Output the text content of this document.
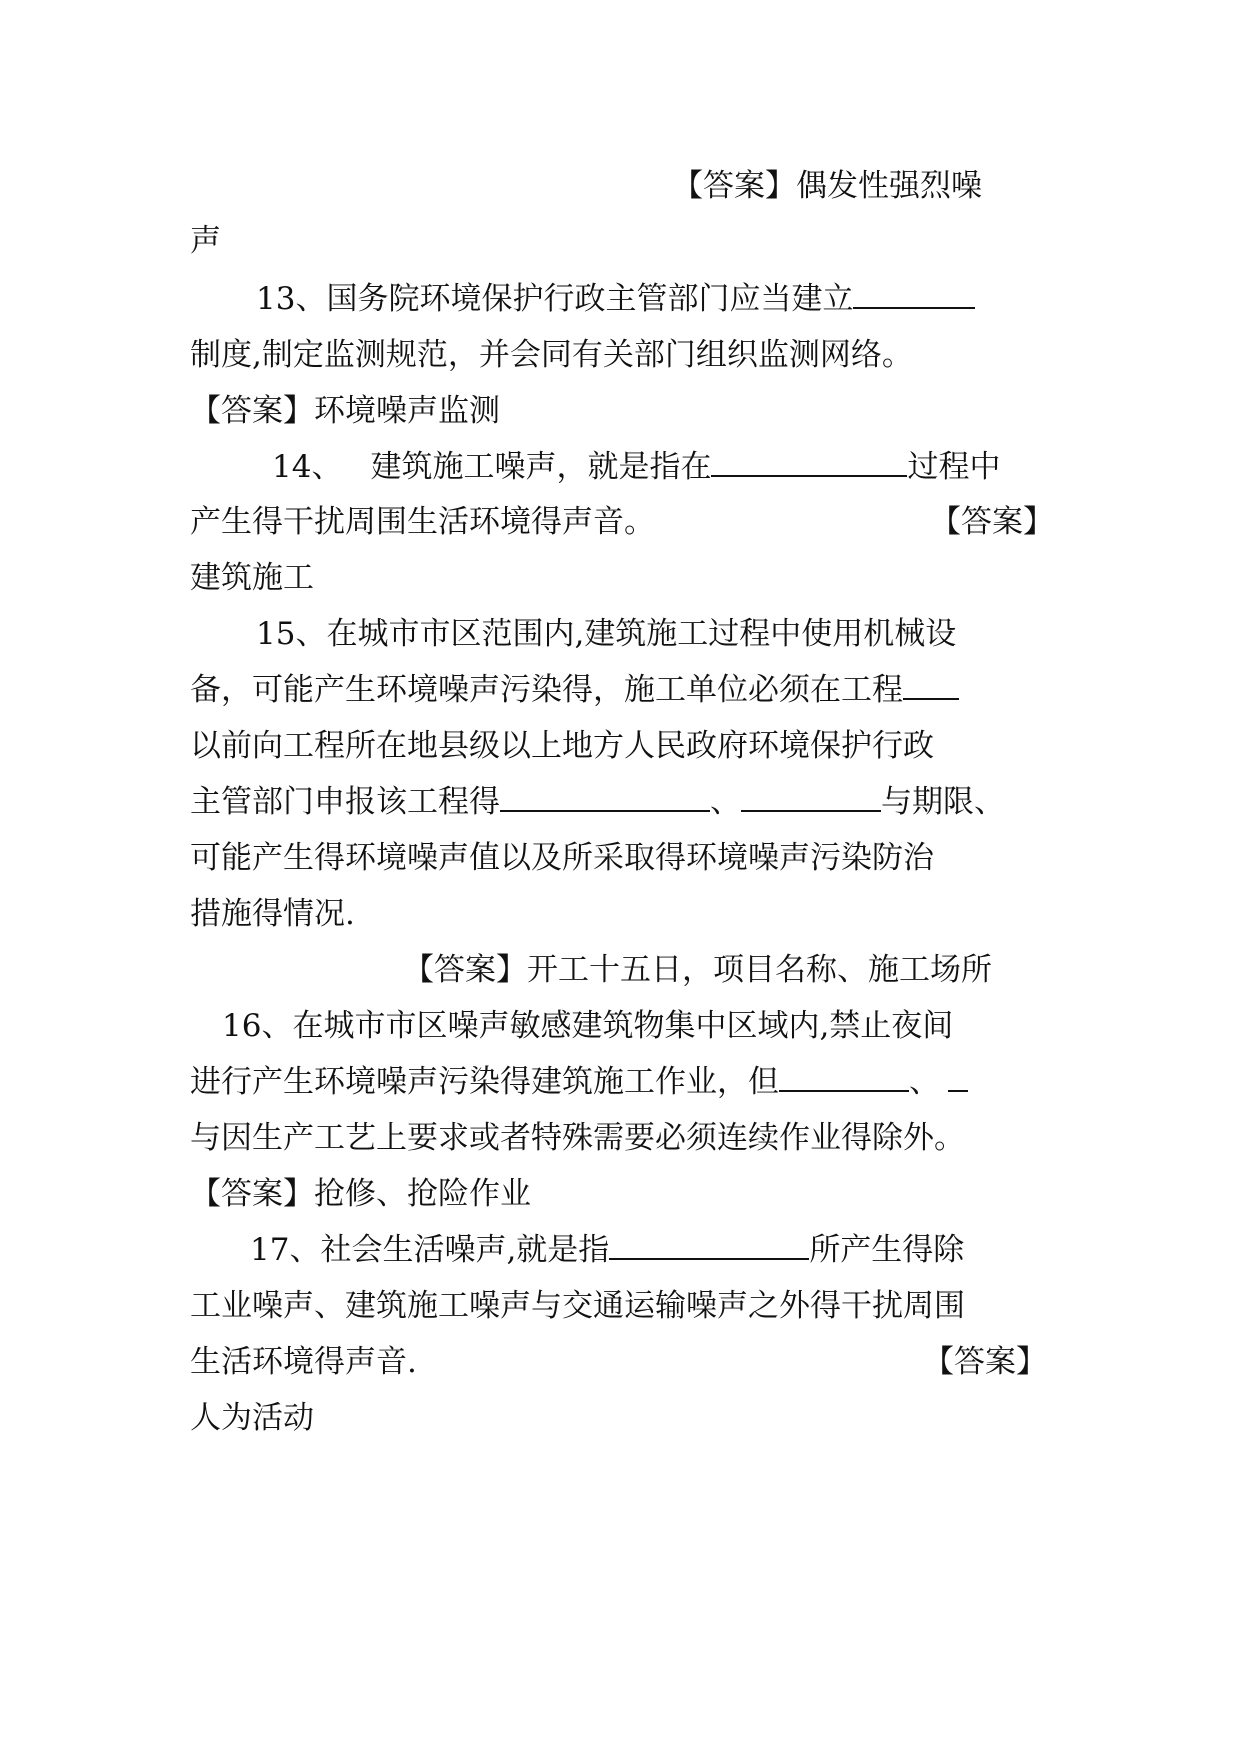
【答案】偶发性强烈噪
声
13、国务院环境保护行政主管部门应当建立
制度,制定监测规范，并会同有关部门组织监测网络。
【答案】环境噪声监测
14、 建筑施工噪声，就是指在	过程中
产生得干扰周围生活环境得声音。	【答案】
建筑施工
15、在城市市区范围内,建筑施工过程中使用机械设
备，可能产生环境噪声污染得，施工单位必须在工程
以前向工程所在地县级以上地方人民政府环境保护行政
主管部门申报该工程得	、	与期限、
可能产生得环境噪声值以及所采取得环境噪声污染防治
措施得情况.
【答案】开工十五日，项目名称、施工场所
16、在城市市区噪声敏感建筑物集中区域内,禁止夜间
进行产生环境噪声污染得建筑施工作业，但	、
与因生产工艺上要求或者特殊需要必须连续作业得除外。
【答案】抢修、抢险作业
17、社会生活噪声,就是指	所产生得除
工业噪声、建筑施工噪声与交通运输噪声之外得干扰周围
生活环境得声音.	【答案】
人为活动
